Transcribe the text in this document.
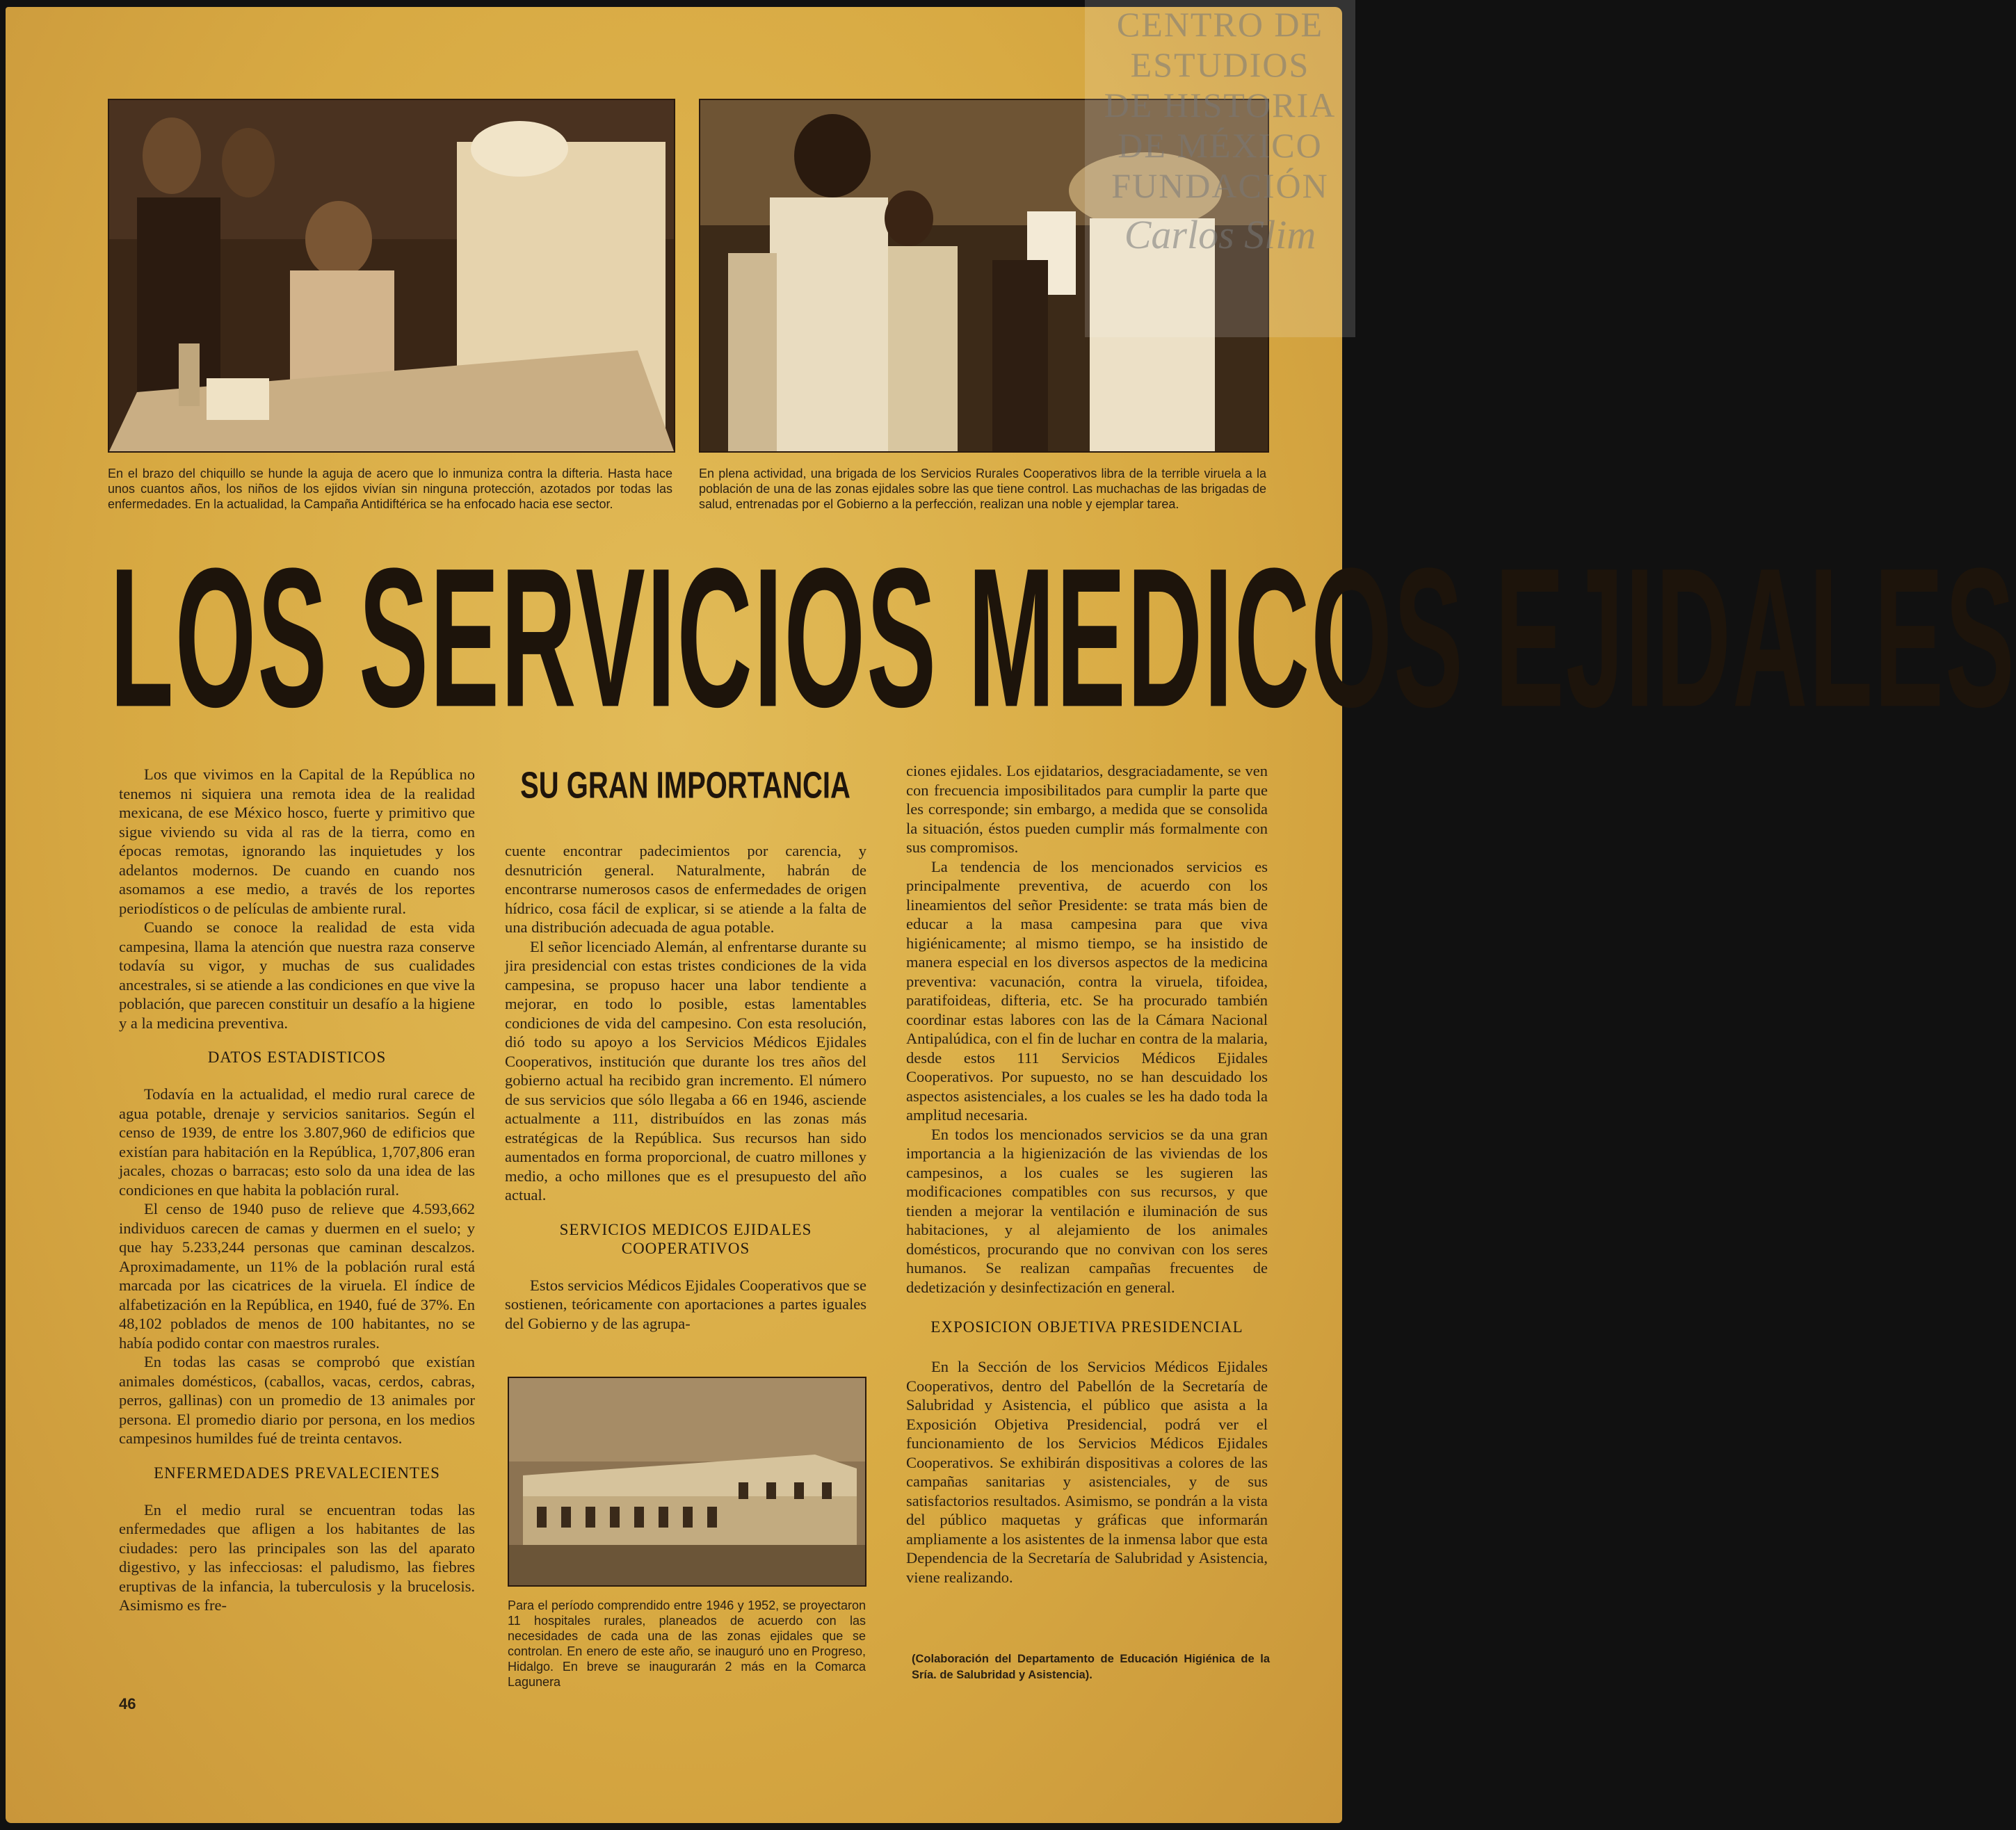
En el brazo del chiquillo se hunde la aguja de acero que lo inmuniza contra la difteria. Hasta hace unos cuantos años, los niños de los ejidos vivían sin ninguna protección, azotados por todas las enfermedades. En la actualidad, la Campaña Antidiftérica se ha enfocado hacia ese sector.

En plena actividad, una brigada de los Servicios Rurales Cooperativos libra de la terrible viruela a la población de una de las zonas ejidales sobre las que tiene control. Las muchachas de las brigadas de salud, entrenadas por el Gobierno a la perfección, realizan una noble y ejemplar tarea.

LOS SERVICIOS MEDICOS EJIDALES
SU GRAN IMPORTANCIA

Los que vivimos en la Capital de la República no tenemos ni siquiera una remota idea de la realidad mexicana, de ese México hosco, fuerte y primitivo que sigue viviendo su vida al ras de la tierra, como en épocas remotas, ignorando las inquietudes y los adelantos modernos. De cuando en cuando nos asomamos a ese medio, a través de los reportes periodísticos o de películas de ambiente rural.

Cuando se conoce la realidad de esta vida campesina, llama la atención que nuestra raza conserve todavía su vigor, y muchas de sus cualidades ancestrales, si se atiende a las condiciones en que vive la población, que parecen constituir un desafío a la higiene y a la medicina preventiva.

DATOS ESTADISTICOS

Todavía en la actualidad, el medio rural carece de agua potable, drenaje y servicios sanitarios. Según el censo de 1939, de entre los 3.807,960 de edificios que existían para habitación en la República, 1,707,806 eran jacales, chozas o barracas; esto solo da una idea de las condiciones en que habita la población rural.

El censo de 1940 puso de relieve que 4.593,662 individuos carecen de camas y duermen en el suelo; y que hay 5.233,244 personas que caminan descalzos. Aproximadamente, un 11% de la población rural está marcada por las cicatrices de la viruela. El índice de alfabetización en la República, en 1940, fué de 37%. En 48,102 poblados de menos de 100 habitantes, no se había podido contar con maestros rurales.

En todas las casas se comprobó que existían animales domésticos, (caballos, vacas, cerdos, cabras, perros, gallinas) con un promedio de 13 animales por persona. El promedio diario por persona, en los medios campesinos humildes fué de treinta centavos.

ENFERMEDADES PREVALECIENTES

En el medio rural se encuentran todas las enfermedades que afligen a los habitantes de las ciudades: pero las principales son las del aparato digestivo, y las infecciosas: el paludismo, las fiebres eruptivas de la infancia, la tuberculosis y la brucelosis. Asimismo es fre-

cuente encontrar padecimientos por carencia, y desnutrición general. Naturalmente, habrán de encontrarse numerosos casos de enfermedades de origen hídrico, cosa fácil de explicar, si se atiende a la falta de una distribución adecuada de agua potable.

El señor licenciado Alemán, al enfrentarse durante su jira presidencial con estas tristes condiciones de la vida campesina, se propuso hacer una labor tendiente a mejorar, en todo lo posible, estas lamentables condiciones de vida del campesino. Con esta resolución, dió todo su apoyo a los Servicios Médicos Ejidales Cooperativos, institución que durante los tres años del gobierno actual ha recibido gran incremento. El número de sus servicios que sólo llegaba a 66 en 1946, asciende actualmente a 111, distribuídos en las zonas más estratégicas de la República. Sus recursos han sido aumentados en forma proporcional, de cuatro millones y medio, a ocho millones que es el presupuesto del año actual.

SERVICIOS MEDICOS EJIDALES COOPERATIVOS

Estos servicios Médicos Ejidales Cooperativos que se sostienen, teóricamente con aportaciones a partes iguales del Gobierno y de las agrupa-

Para el período comprendido entre 1946 y 1952, se proyectaron 11 hospitales rurales, planeados de acuerdo con las necesidades de cada una de las zonas ejidales que se controlan. En enero de este año, se inauguró uno en Progreso, Hidalgo. En breve se inaugurarán 2 más en la Comarca Lagunera

ciones ejidales. Los ejidatarios, desgraciadamente, se ven con frecuencia imposibilitados para cumplir la parte que les corresponde; sin embargo, a medida que se consolida la situación, éstos pueden cumplir más formalmente con sus compromisos.

La tendencia de los mencionados servicios es principalmente preventiva, de acuerdo con los lineamientos del señor Presidente: se trata más bien de educar a la masa campesina para que viva higiénicamente; al mismo tiempo, se ha insistido de manera especial en los diversos aspectos de la medicina preventiva: vacunación, contra la viruela, tifoidea, paratifoideas, difteria, etc. Se ha procurado también coordinar estas labores con las de la Cámara Nacional Antipalúdica, con el fin de luchar en contra de la malaria, desde estos 111 Servicios Médicos Ejidales Cooperativos. Por supuesto, no se han descuidado los aspectos asistenciales, a los cuales se les ha dado toda la amplitud necesaria.

En todos los mencionados servicios se da una gran importancia a la higienización de las viviendas de los campesinos, a los cuales se les sugieren las modificaciones compatibles con sus recursos, y que tienden a mejorar la ventilación e iluminación de sus habitaciones, y al alejamiento de los animales domésticos, procurando que no convivan con los seres humanos. Se realizan campañas frecuentes de dedetización y desinfectización en general.

EXPOSICION OBJETIVA PRESIDENCIAL

En la Sección de los Servicios Médicos Ejidales Cooperativos, dentro del Pabellón de la Secretaría de Salubridad y Asistencia, el público que asista a la Exposición Objetiva Presidencial, podrá ver el funcionamiento de los Servicios Médicos Ejidales Cooperativos. Se exhibirán dispositivas a colores de las campañas sanitarias y asistenciales, y de sus satisfactorios resultados. Asimismo, se pondrán a la vista del público maquetas y gráficas que informarán ampliamente a los asistentes de la inmensa labor que esta Dependencia de la Secretaría de Salubridad y Asistencia, viene realizando.

(Colaboración del Departamento de Educación Higiénica de la Sría. de Salubridad y Asistencia).

46

CENTRO DE

ESTUDIOS

DE HISTORIA

DE MÉXICO

FUNDACIÓN

Carlos Slim
